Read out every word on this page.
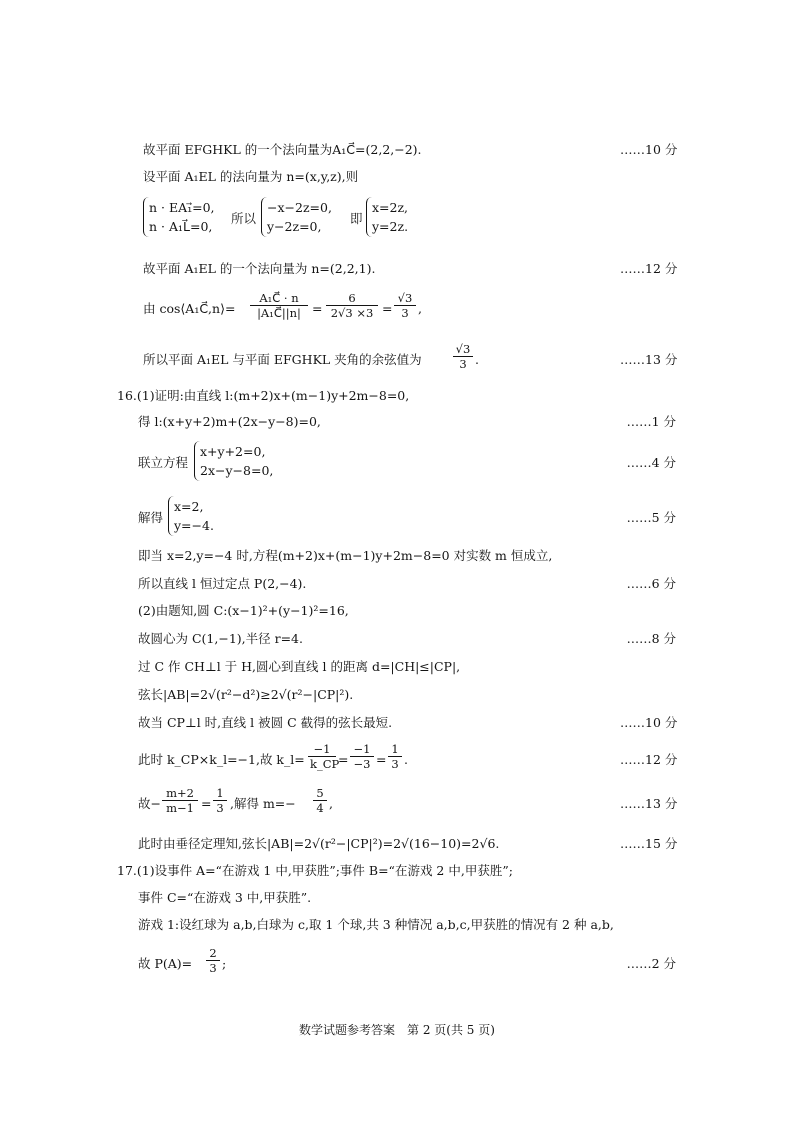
故平面 EFGHKL 的一个法向量为A₁C⃗=(2,2,−2).	……10 分
设平面 A₁EL 的法向量为 n=(x,y,z),则
n · EA₁⃗=0,
n · A₁L⃗=0,
所以
−x−2z=0,
y−2z=0,
即
x=2z,
y=2z.
故平面 A₁EL 的一个法向量为 n=(2,2,1).	……12 分
由 cos⟨A₁C⃗,n⟩= $\frac{\text{A₁C⃗ · n}}{\text{|A₁C⃗||n|}} = \frac{6}{2√3 \times 3} = \frac{√3}{3}$ ,
所以平面 A₁EL 与平面 EFGHKL 夹角的余弦值为	$\frac{√3}{3}$ .	……13 分
16.(1)证明:由直线 l:(m+2)x+(m−1)y+2m−8=0,
得 l:(x+y+2)m+(2x−y−8)=0,	……1 分
联立方程
x+y+2=0,
2x−y−8=0,
……4 分
解得
x=2,
y=−4.
……5 分
即当 x=2,y=−4 时,方程(m+2)x+(m−1)y+2m−8=0 对实数 m 恒成立,
所以直线 l 恒过定点 P(2,−4).	……6 分
(2)由题知,圆 C:(x−1)²+(y−1)²=16,
故圆心为 C(1,−1),半径 r=4.	……8 分
过 C 作 CH⊥l 于 H,圆心到直线 l 的距离 d=|CH|≤|CP|,
弦长|AB|=2√(r²−d²)≥2√(r²−|CP|²).
故当 CP⊥l 时,直线 l 被圆 C 截得的弦长最短.	……10 分
此时 k_CP×k_l=−1,故 k_l= $\frac{-1}{k\_CP} = \frac{-1}{-3} = \frac{1}{3}$ .	……12 分
故− $\frac{m+2}{m-1} = \frac{1}{3}$ ,解得 $m=- \frac{5}{4}$ ,	……13 分
此时由垂径定理知,弦长|AB|=2√(r²−|CP|²)=2√(16−10)=2√6.	……15 分
17.(1)设事件 A=“在游戏 1 中,甲获胜”;事件 B=“在游戏 2 中,甲获胜”;
事件 C=“在游戏 3 中,甲获胜”.
游戏 1:设红球为 a,b,白球为 c,取 1 个球,共 3 种情况 a,b,c,甲获胜的情况有 2 种 a,b,
故 $P(A)= \frac{2}{3}$ ;	……2 分
数学试题参考答案　第 2 页(共 5 页)
